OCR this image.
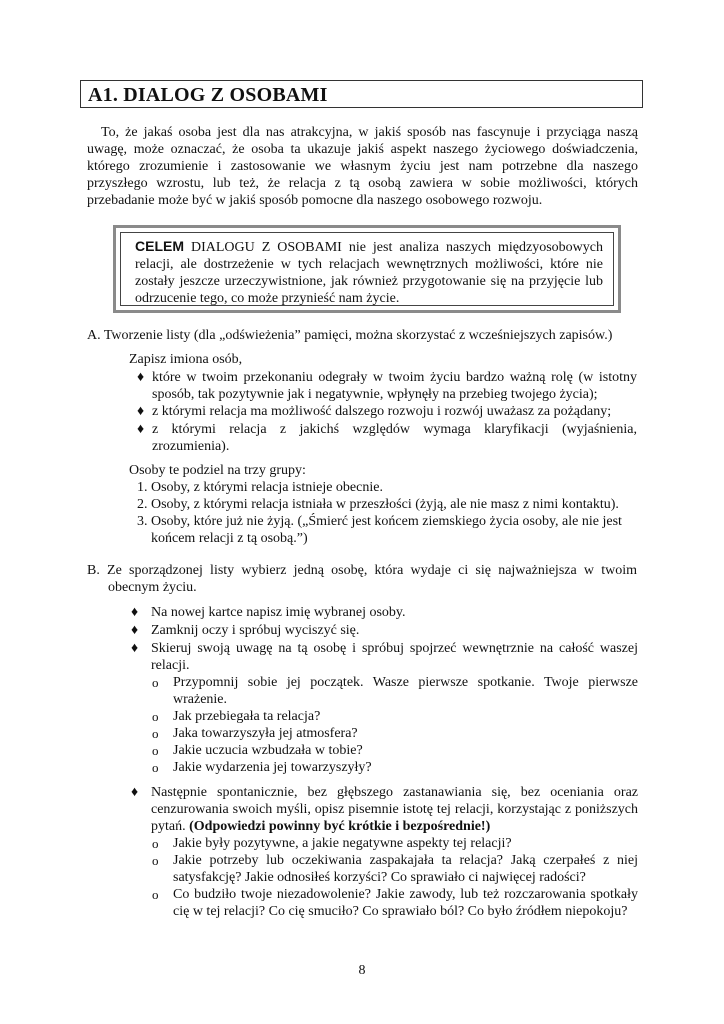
A1. DIALOG Z OSOBAMI
To, że jakaś osoba jest dla nas atrakcyjna, w jakiś sposób nas fascynuje i przyciąga naszą uwagę, może oznaczać, że osoba ta ukazuje jakiś aspekt naszego życiowego doświadczenia, którego zrozumienie i zastosowanie we własnym życiu jest nam potrzebne dla naszego przyszłego wzrostu, lub też, że relacja z tą osobą zawiera w sobie możliwości, których przebadanie może być w jakiś sposób pomocne dla naszego osobowego rozwoju.
CELEM DIALOGU Z OSOBAMI nie jest analiza naszych międzyosobowych relacji, ale dostrzeżenie w tych relacjach wewnętrznych możliwości, które nie zostały jeszcze urzeczywistnione, jak również przygotowanie się na przyjęcie lub odrzucenie tego, co może przynieść nam życie.
A. Tworzenie listy (dla „odświeżenia” pamięci, można skorzystać z wcześniejszych zapisów.)
Zapisz imiona osób,
♦ które w twoim przekonaniu odegrały w twoim życiu bardzo ważną rolę (w istotny sposób, tak pozytywnie jak i negatywnie, wpłynęły na przebieg twojego życia);
♦ z którymi relacja ma możliwość dalszego rozwoju i rozwój uważasz za pożądany;
♦ z którymi relacja z jakichś względów wymaga klaryfikacji (wyjaśnienia, zrozumienia).
Osoby te podziel na trzy grupy:
1. Osoby, z którymi relacja istnieje obecnie.
2. Osoby, z którymi relacja istniała w przeszłości (żyją, ale nie masz z nimi kontaktu).
3. Osoby, które już nie żyją. („Śmierć jest końcem ziemskiego życia osoby, ale nie jest końcem relacji z tą osobą.”)
B. Ze sporządzonej listy wybierz jedną osobę, która wydaje ci się najważniejsza w twoim obecnym życiu.
♦ Na nowej kartce napisz imię wybranej osoby.
♦ Zamknij oczy i spróbuj wyciszyć się.
♦ Skieruj swoją uwagę na tą osobę i spróbuj spojrzeć wewnętrznie na całość waszej relacji.
o Przypomnij sobie jej początek. Wasze pierwsze spotkanie. Twoje pierwsze wrażenie.
o Jak przebiegała ta relacja?
o Jaka towarzyszyła jej atmosfera?
o Jakie uczucia wzbudzała w tobie?
o Jakie wydarzenia jej towarzyszyły?
♦ Następnie spontanicznie, bez głębszego zastanawiania się, bez oceniania oraz cenzurowania swoich myśli, opisz pisemnie istotę tej relacji, korzystając z poniższych pytań. (Odpowiedzi powinny być krótkie i bezpośrednie!)
o Jakie były pozytywne, a jakie negatywne aspekty tej relacji?
o Jakie potrzeby lub oczekiwania zaspakajała ta relacja? Jaką czerpałeś z niej satysfakcję? Jakie odnosiłeś korzyści? Co sprawiało ci najwięcej radości?
o Co budziło twoje niezadowolenie? Jakie zawody, lub też rozczarowania spotkały cię w tej relacji? Co cię smuciło? Co sprawiało ból? Co było źródłem niepokoju?
8
